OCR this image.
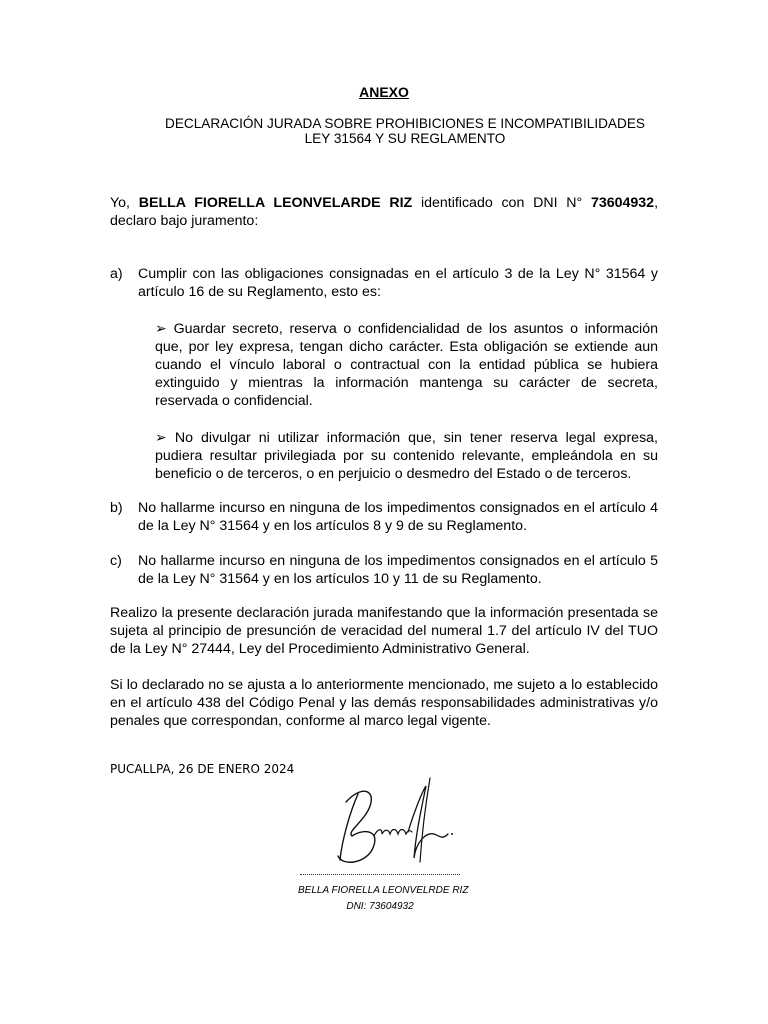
ANEXO
DECLARACIÓN JURADA SOBRE PROHIBICIONES E INCOMPATIBILIDADES
LEY 31564 Y SU REGLAMENTO
Yo, BELLA FIORELLA LEONVELARDE RIZ identificado con DNI N° 73604932, declaro bajo juramento:
a) Cumplir con las obligaciones consignadas en el artículo 3 de la Ley N° 31564 y artículo 16 de su Reglamento, esto es:
➢ Guardar secreto, reserva o confidencialidad de los asuntos o información que, por ley expresa, tengan dicho carácter. Esta obligación se extiende aun cuando el vínculo laboral o contractual con la entidad pública se hubiera extinguido y mientras la información mantenga su carácter de secreta, reservada o confidencial.
➢ No divulgar ni utilizar información que, sin tener reserva legal expresa, pudiera resultar privilegiada por su contenido relevante, empleándola en su beneficio o de terceros, o en perjuicio o desmedro del Estado o de terceros.
b) No hallarme incurso en ninguna de los impedimentos consignados en el artículo 4 de la Ley N° 31564 y en los artículos 8 y 9 de su Reglamento.
c) No hallarme incurso en ninguna de los impedimentos consignados en el artículo 5 de la Ley N° 31564 y en los artículos 10 y 11 de su Reglamento.
Realizo la presente declaración jurada manifestando que la información presentada se sujeta al principio de presunción de veracidad del numeral 1.7 del artículo IV del TUO de la Ley N° 27444, Ley del Procedimiento Administrativo General.
Si lo declarado no se ajusta a lo anteriormente mencionado, me sujeto a lo establecido en el artículo 438 del Código Penal y las demás responsabilidades administrativas y/o penales que correspondan, conforme al marco legal vigente.
PUCALLPA, 26 DE ENERO 2024
BELLA FIORELLA LEONVELRDE RIZ
DNI: 73604932
